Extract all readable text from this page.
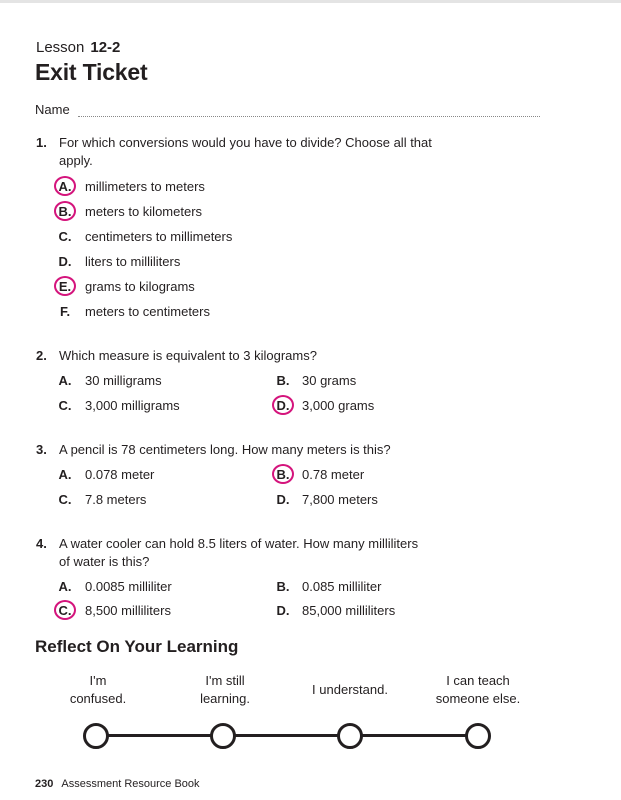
Lesson 12-2
Exit Ticket
Name
1. For which conversions would you have to divide? Choose all that
apply.
A. millimeters to meters
B. meters to kilometers
C. centimeters to millimeters
D. liters to milliliters
E. grams to kilograms
F.	meters to centimeters
2. Which measure is equivalent to 3 kilograms?
A. 30 milligrams	B. 30 grams
C. 3,000 milligrams	D. 3,000 grams
3. A pencil is 78 centimeters long. How many meters is this?
A. 0.078 meter	B. 0.78 meter
C. 7.8 meters	D. 7,800 meters
4. A water cooler can hold 8.5 liters of water. How many milliliters
of water is this?
A. 0.0085 milliliter	B. 0.085 milliliter
C. 8,500 milliliters	D. 85,000 milliliters
Reflect On Your Learning
I'm
confused.
I'm still
learning.
I understand.
I can teach
someone else.
230 Assessment Resource Book
